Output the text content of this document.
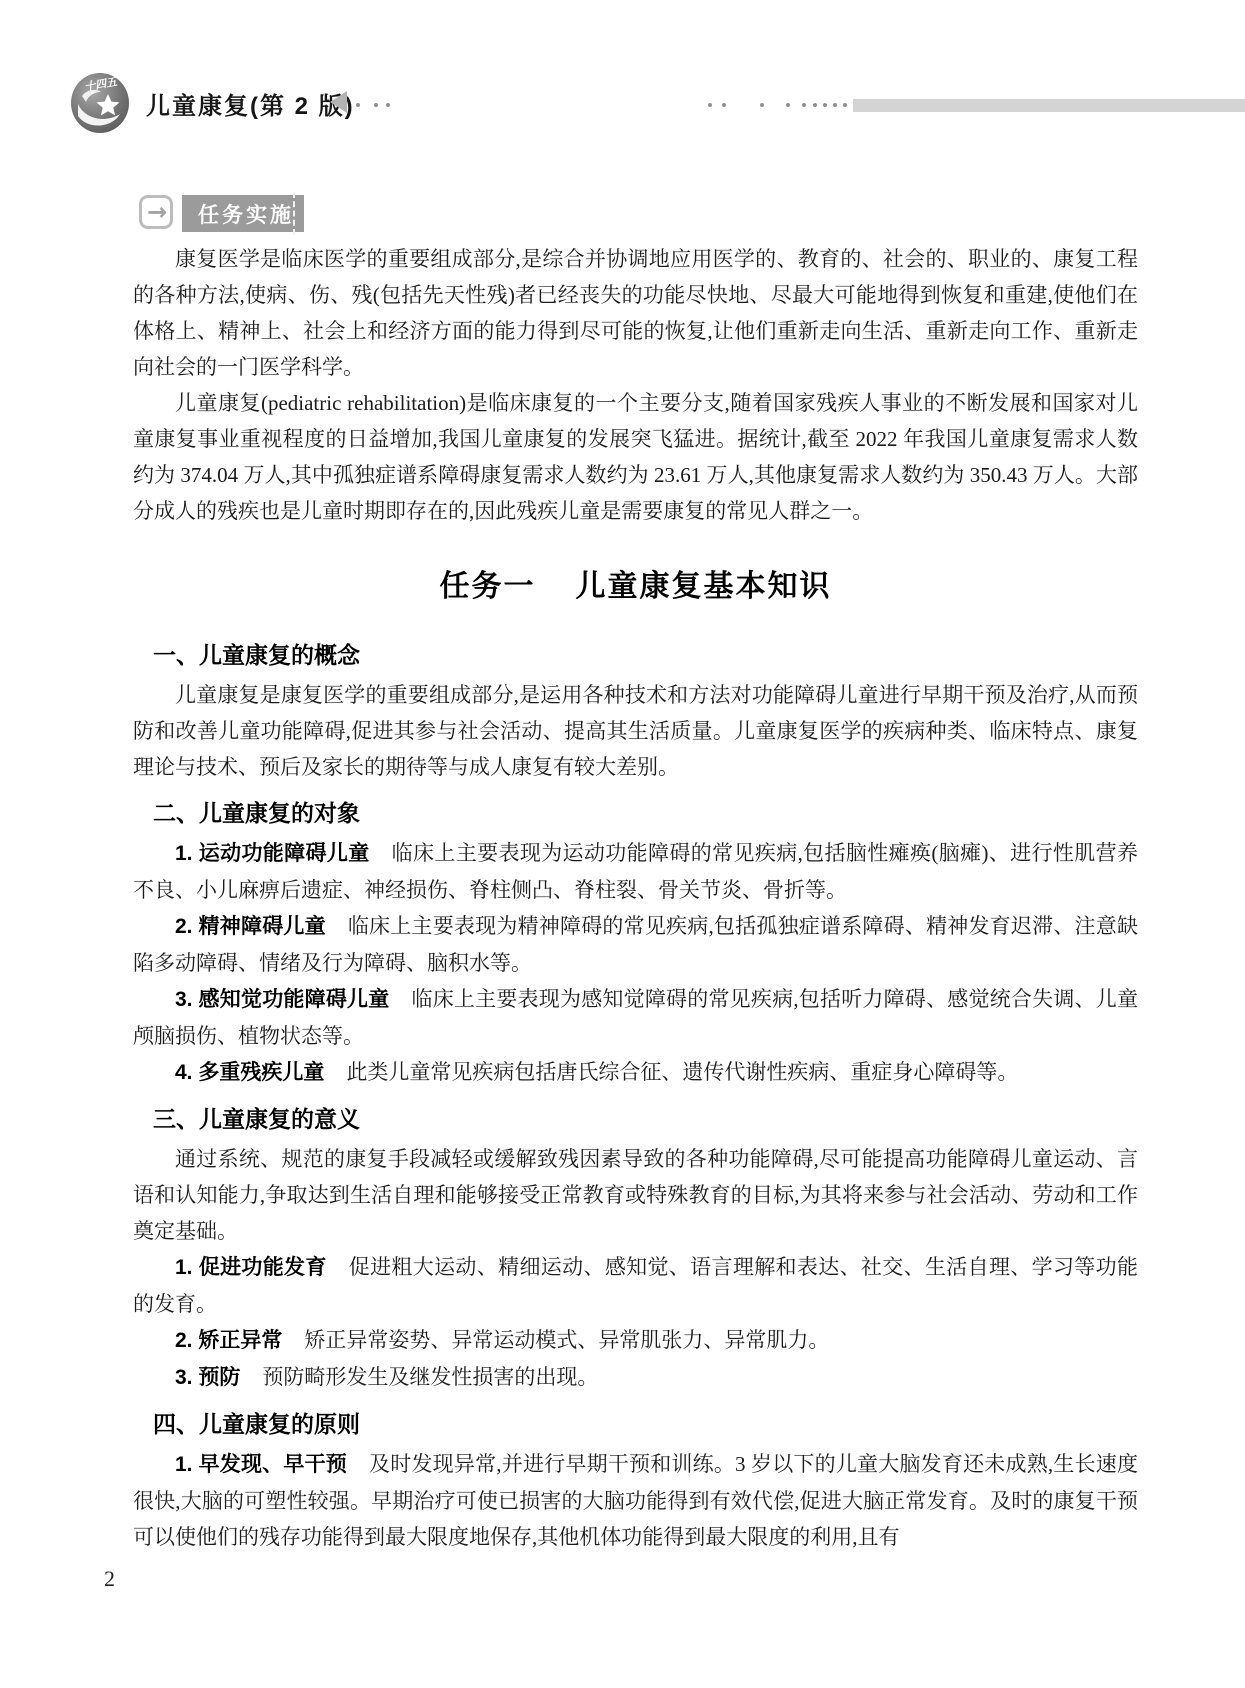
十四五
儿童康复(第 2 版)
→	任务实施

康复医学是临床医学的重要组成部分,是综合并协调地应用医学的、教育的、社会的、职业的、康复工程的各种方法,使病、伤、残(包括先天性残)者已经丧失的功能尽快地、尽最大可能地得到恢复和重建,使他们在体格上、精神上、社会上和经济方面的能力得到尽可能的恢复,让他们重新走向生活、重新走向工作、重新走向社会的一门医学科学。

儿童康复(pediatric rehabilitation)是临床康复的一个主要分支,随着国家残疾人事业的不断发展和国家对儿童康复事业重视程度的日益增加,我国儿童康复的发展突飞猛进。据统计,截至 2022 年我国儿童康复需求人数约为 374.04 万人,其中孤独症谱系障碍康复需求人数约为 23.61 万人,其他康复需求人数约为 350.43 万人。大部分成人的残疾也是儿童时期即存在的,因此残疾儿童是需要康复的常见人群之一。

任务一 儿童康复基本知识
一、儿童康复的概念

儿童康复是康复医学的重要组成部分,是运用各种技术和方法对功能障碍儿童进行早期干预及治疗,从而预防和改善儿童功能障碍,促进其参与社会活动、提高其生活质量。儿童康复医学的疾病种类、临床特点、康复理论与技术、预后及家长的期待等与成人康复有较大差别。

二、儿童康复的对象

1. 运动功能障碍儿童 临床上主要表现为运动功能障碍的常见疾病,包括脑性瘫痪(脑瘫)、进行性肌营养不良、小儿麻痹后遗症、神经损伤、脊柱侧凸、脊柱裂、骨关节炎、骨折等。

2. 精神障碍儿童 临床上主要表现为精神障碍的常见疾病,包括孤独症谱系障碍、精神发育迟滞、注意缺陷多动障碍、情绪及行为障碍、脑积水等。

3. 感知觉功能障碍儿童 临床上主要表现为感知觉障碍的常见疾病,包括听力障碍、感觉统合失调、儿童颅脑损伤、植物状态等。

4. 多重残疾儿童 此类儿童常见疾病包括唐氏综合征、遗传代谢性疾病、重症身心障碍等。

三、儿童康复的意义

通过系统、规范的康复手段减轻或缓解致残因素导致的各种功能障碍,尽可能提高功能障碍儿童运动、言语和认知能力,争取达到生活自理和能够接受正常教育或特殊教育的目标,为其将来参与社会活动、劳动和工作奠定基础。

1. 促进功能发育 促进粗大运动、精细运动、感知觉、语言理解和表达、社交、生活自理、学习等功能的发育。

2. 矫正异常 矫正异常姿势、异常运动模式、异常肌张力、异常肌力。

3. 预防 预防畸形发生及继发性损害的出现。

四、儿童康复的原则

1. 早发现、早干预 及时发现异常,并进行早期干预和训练。3 岁以下的儿童大脑发育还未成熟,生长速度很快,大脑的可塑性较强。早期治疗可使已损害的大脑功能得到有效代偿,促进大脑正常发育。及时的康复干预可以使他们的残存功能得到最大限度地保存,其他机体功能得到最大限度的利用,且有

2
